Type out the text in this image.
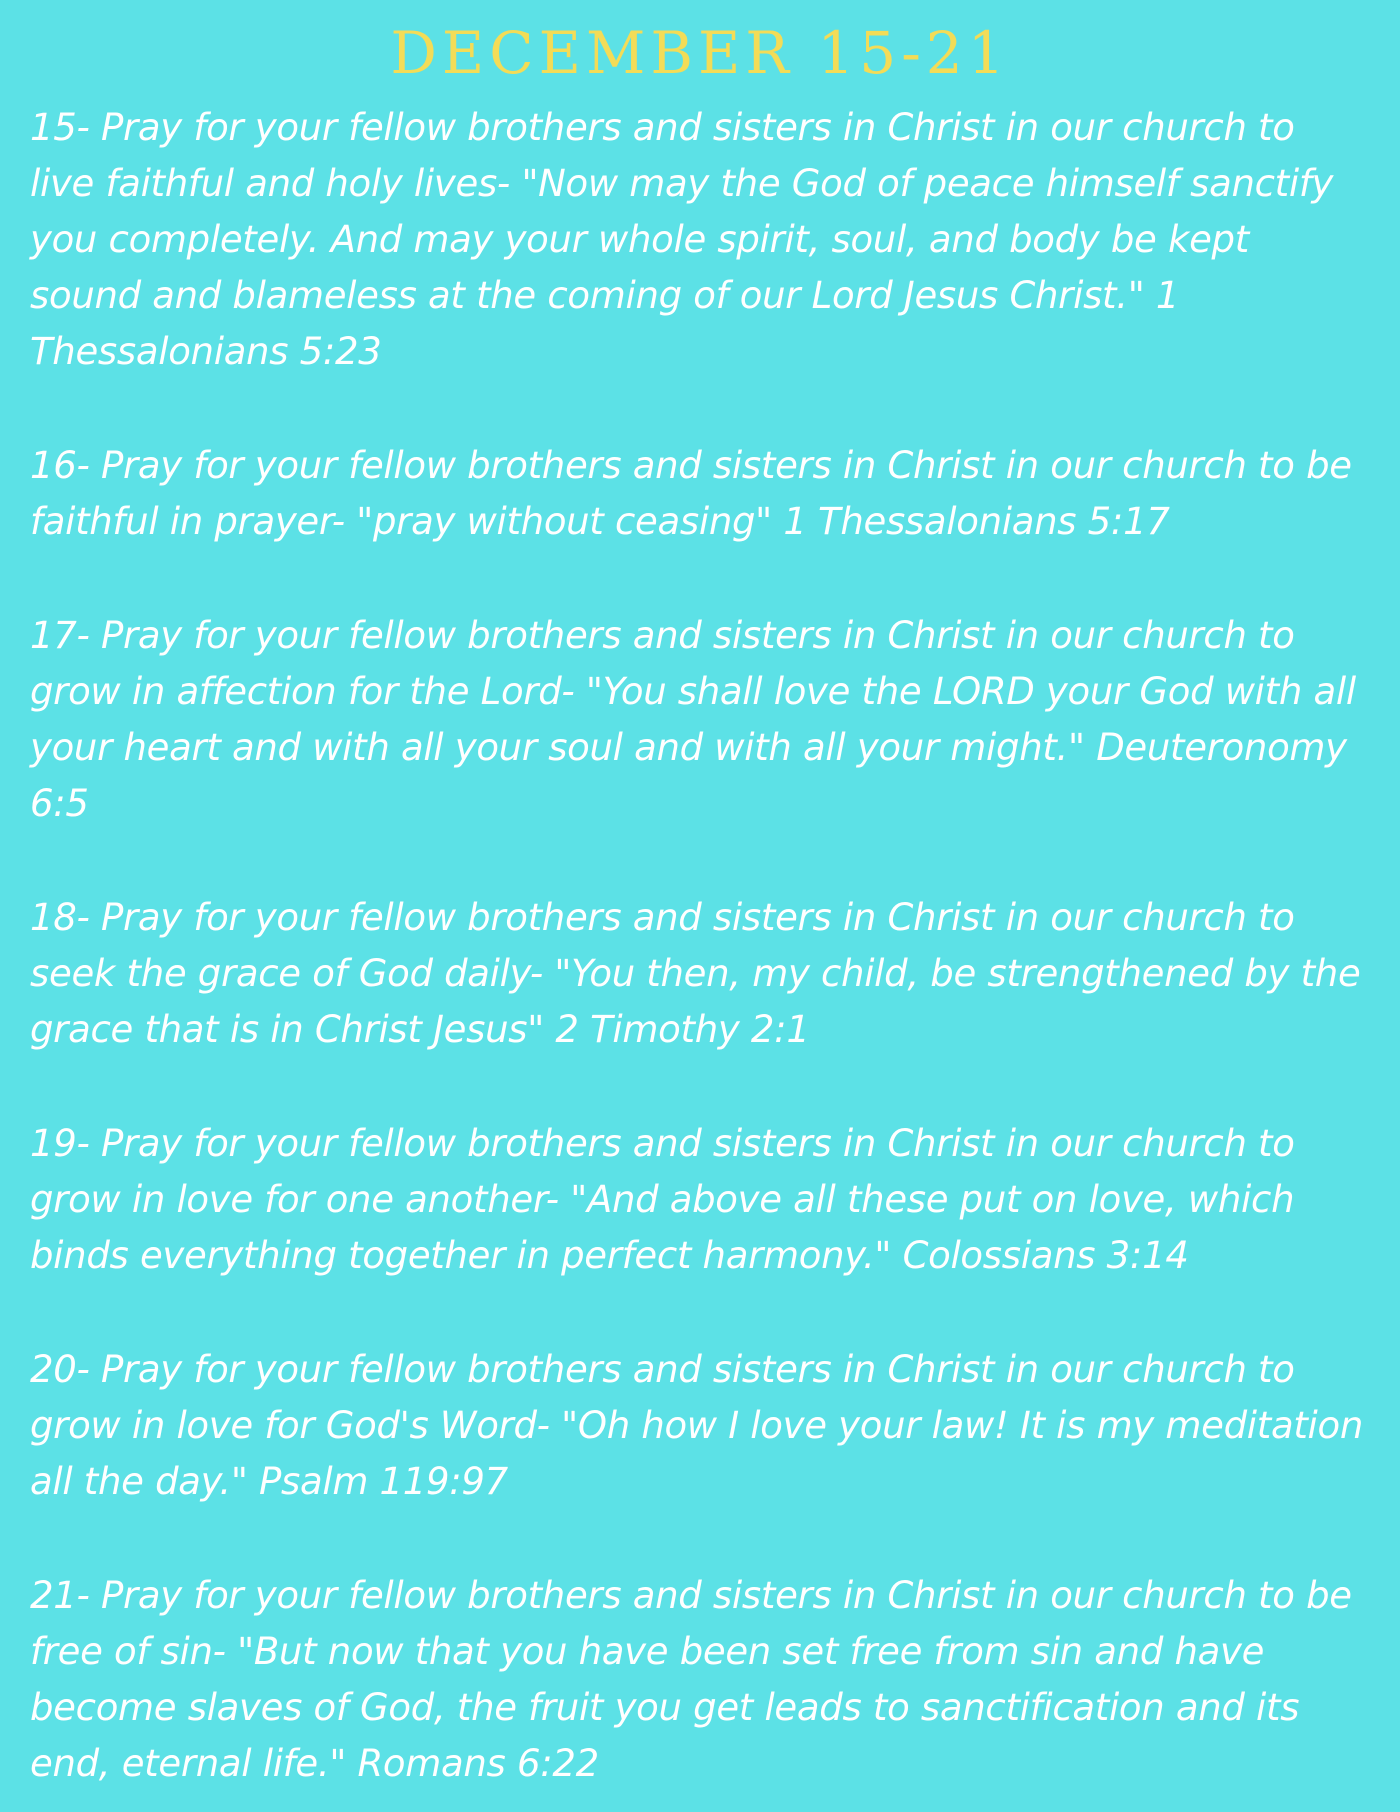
DECEMBER 15-21
15- Pray for your fellow brothers and sisters in Christ in our church to live faithful and holy lives- "Now may the God of peace himself sanctify you completely. And may your whole spirit, soul, and body be kept sound and blameless at the coming of our Lord Jesus Christ." 1 Thessalonians 5:23
16- Pray for your fellow brothers and sisters in Christ in our church to be faithful in prayer- "pray without ceasing" 1 Thessalonians 5:17
17- Pray for your fellow brothers and sisters in Christ in our church to grow in affection for the Lord- "You shall love the LORD your God with all your heart and with all your soul and with all your might." Deuteronomy 6:5
18- Pray for your fellow brothers and sisters in Christ in our church to seek the grace of God daily- "You then, my child, be strengthened by the grace that is in Christ Jesus" 2 Timothy 2:1
19- Pray for your fellow brothers and sisters in Christ in our church to grow in love for one another- "And above all these put on love, which binds everything together in perfect harmony." Colossians 3:14
20- Pray for your fellow brothers and sisters in Christ in our church to grow in love for God's Word- "Oh how I love your law! It is my meditation all the day." Psalm 119:97
21- Pray for your fellow brothers and sisters in Christ in our church to be free of sin- "But now that you have been set free from sin and have become slaves of God, the fruit you get leads to sanctification and its end, eternal life." Romans 6:22
